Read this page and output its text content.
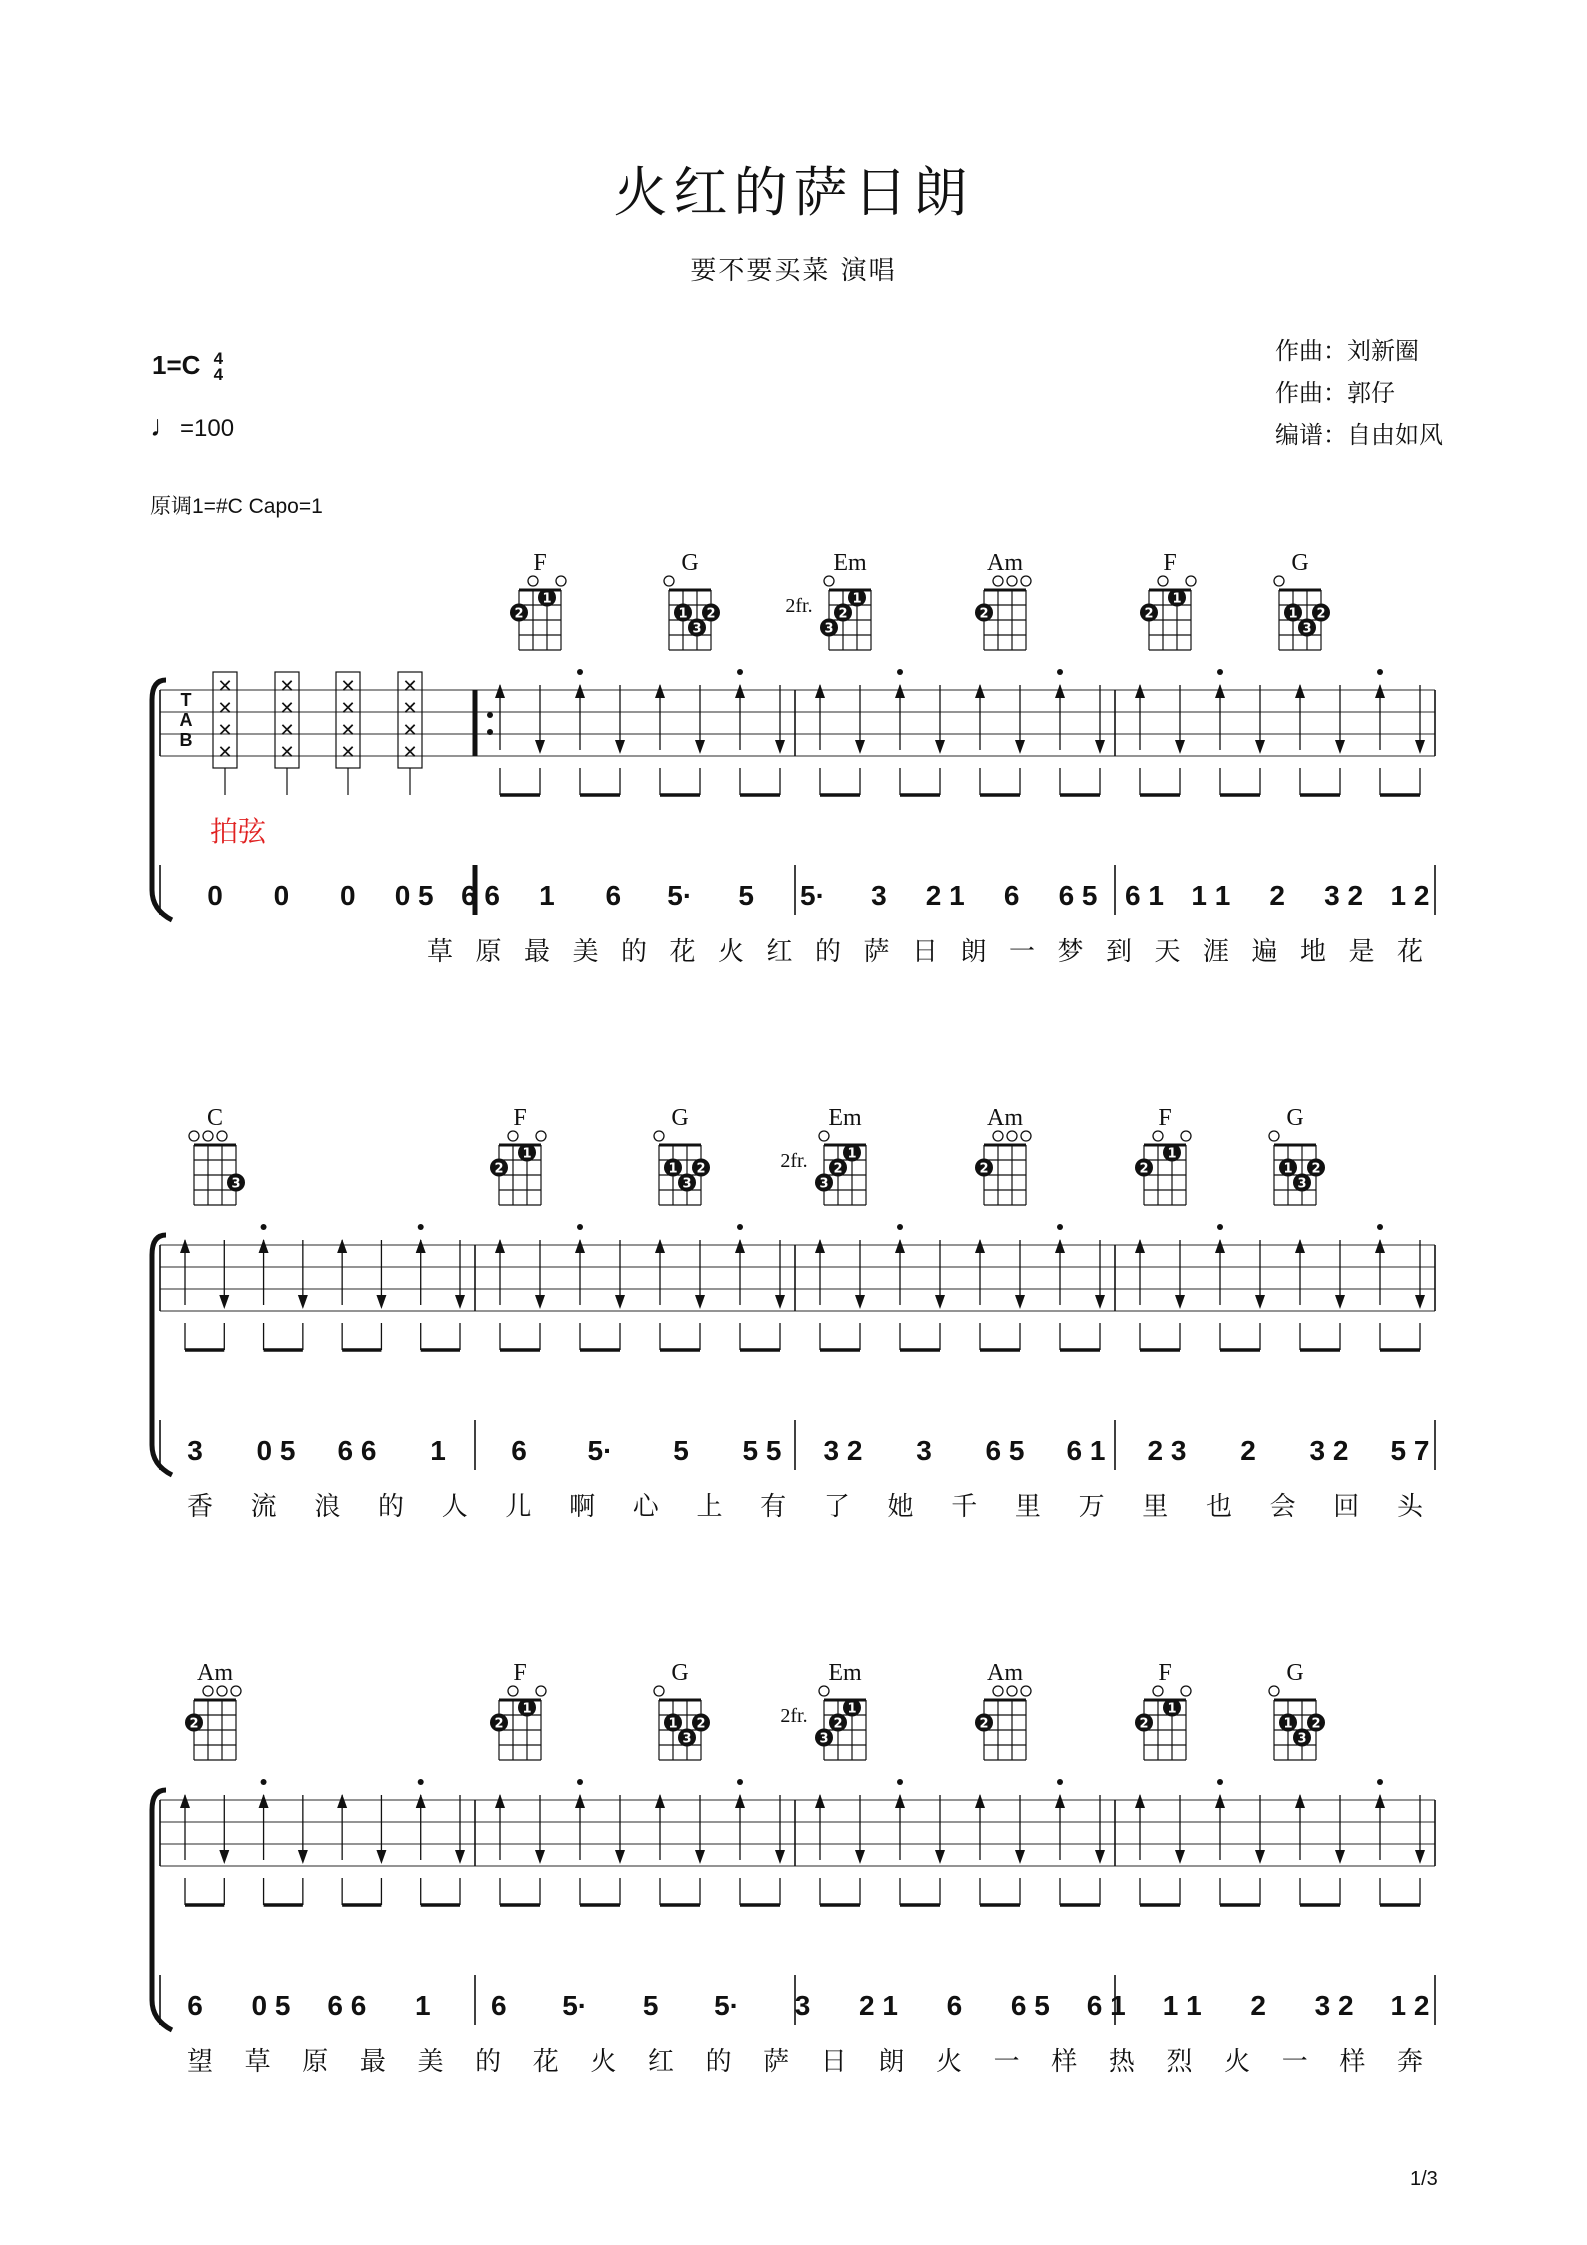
火红的萨日朗
要不要买菜 演唱
1=C 4
4
♩=100
原调1=#C Capo=1
作曲：刘新圈
作曲：郭仔
编谱：自由如风
拍弦
1/3
T
A
B
✕
✕
✕
✕
✕
✕
✕
✕
✕
✕
✕
✕
✕
✕
✕
✕
F
1
2
G
1 2
3
Em
1
2
3
2fr.
Am
2
F
1
2
G
1 2
3
0 0 0 0 5 6 6 1 6 5· 5 5· 3 2 1 6 6 5 6 1 1 1 2 3 2 1 2
草 原 最 美 的 花 火 红 的 萨 日 朗 一 梦 到 天 涯 遍 地 是 花
C
3
F
1
2
G
1 2
3
Em
1
2
3
2fr.
Am
2
F
1
2
G
1 2
3
3 0 5 6 6 1 6 5· 5 5 5 3 2 3 6 5 6 1 2 3 2 3 2 5 7
香 流 浪 的 人 儿 啊 心 上 有 了 她 千 里 万 里 也 会 回 头
Am
2
F
1
2
G
1 2
3
Em
1
2
3
2fr.
Am
2
F
1
2
G
1 2
3
6 0 5 6 6 1 6 5· 5 5· 3 2 1 6 6 5 6 1 1 1 2 3 2 1 2
望 草 原 最 美 的 花 火 红 的 萨 日 朗 火 一 样 热 烈 火 一 样 奔
